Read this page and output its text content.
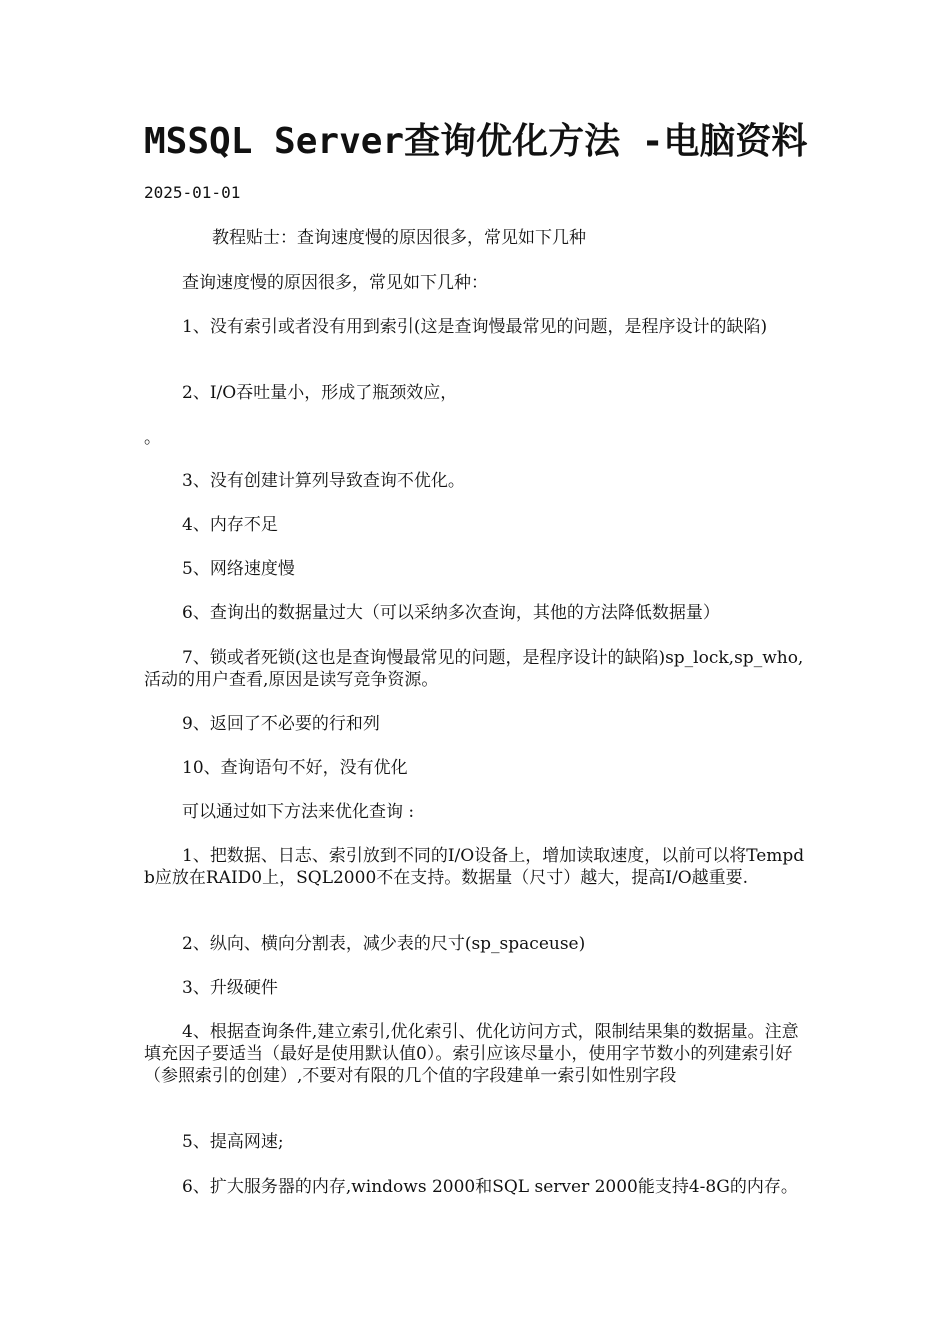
MSSQL Server查询优化方法 -电脑资料
2025-01-01
教程贴士：查询速度慢的原因很多，常见如下几种
查询速度慢的原因很多，常见如下几种：
1、没有索引或者没有用到索引(这是查询慢最常见的问题，是程序设计的缺陷)
2、I/O吞吐量小，形成了瓶颈效应，
。
3、没有创建计算列导致查询不优化。
4、内存不足
5、网络速度慢
6、查询出的数据量过大（可以采纳多次查询，其他的方法降低数据量）
7、锁或者死锁(这也是查询慢最常见的问题，是程序设计的缺陷)sp_lock,sp_who,活动的用户查看,原因是读写竞争资源。
9、返回了不必要的行和列
10、查询语句不好，没有优化
可以通过如下方法来优化查询 :
1、把数据、日志、索引放到不同的I/O设备上，增加读取速度，以前可以将Tempdb应放在RAID0上，SQL2000不在支持。数据量（尺寸）越大，提高I/O越重要.
2、纵向、横向分割表，减少表的尺寸(sp_spaceuse)
3、升级硬件
4、根据查询条件,建立索引,优化索引、优化访问方式，限制结果集的数据量。注意填充因子要适当（最好是使用默认值0）。索引应该尽量小，使用字节数小的列建索引好（参照索引的创建）,不要对有限的几个值的字段建单一索引如性别字段
5、提高网速;
6、扩大服务器的内存,windows 2000和SQL server 2000能支持4-8G的内存。
